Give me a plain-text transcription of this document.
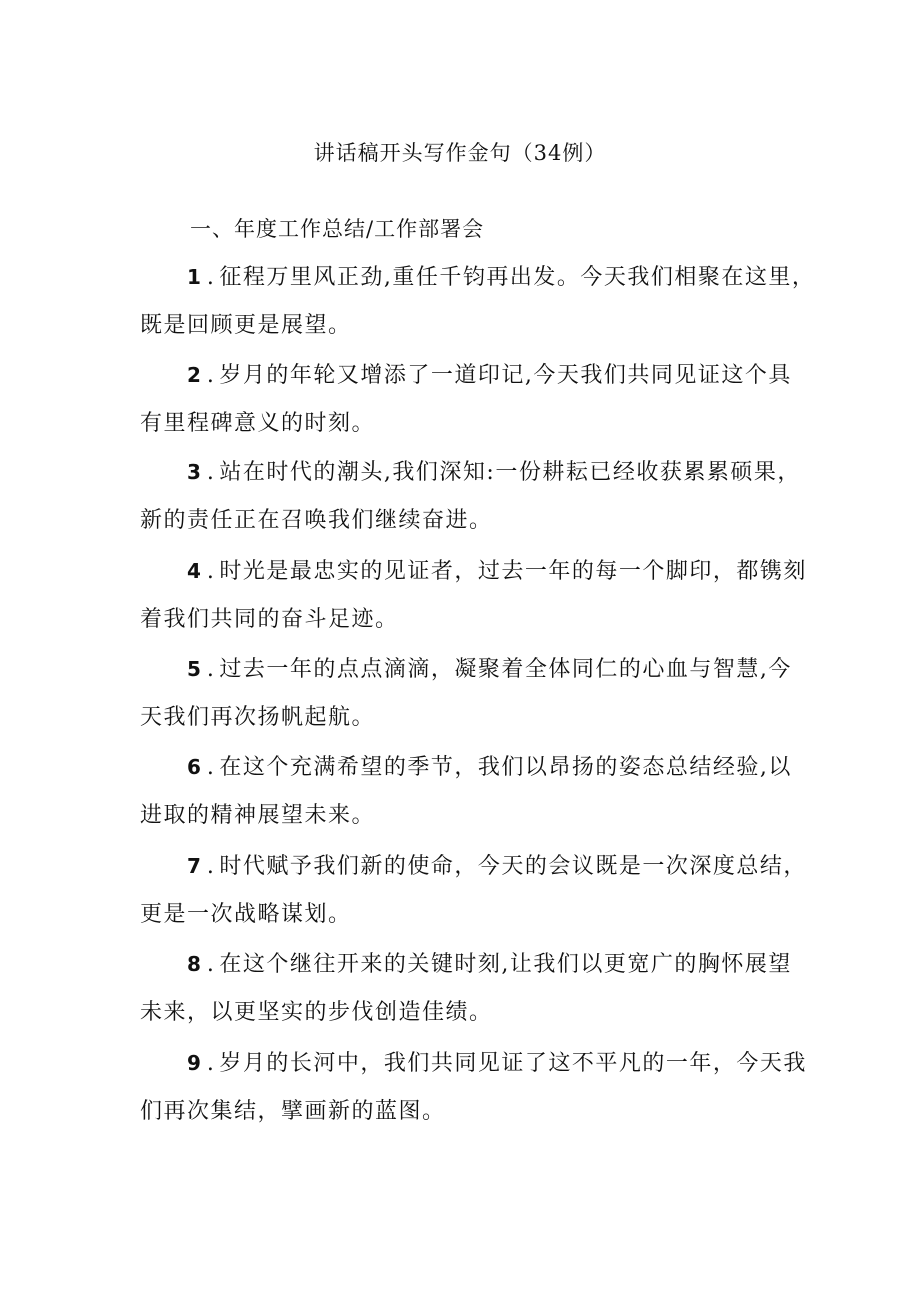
讲话稿开头写作金句（34例）
一、年度工作总结/工作部署会
1 . 征程万里风正劲,重任千钧再出发。今天我们相聚在这里，
既是回顾更是展望。
2 . 岁月的年轮又增添了一道印记,今天我们共同见证这个具
有里程碑意义的时刻。
3 . 站在时代的潮头,我们深知:一份耕耘已经收获累累硕果，
新的责任正在召唤我们继续奋进。
4 . 时光是最忠实的见证者，过去一年的每一个脚印，都镌刻
着我们共同的奋斗足迹。
5 . 过去一年的点点滴滴，凝聚着全体同仁的心血与智慧,今
天我们再次扬帆起航。
6 . 在这个充满希望的季节，我们以昂扬的姿态总结经验,以
进取的精神展望未来。
7 . 时代赋予我们新的使命，今天的会议既是一次深度总结，
更是一次战略谋划。
8 . 在这个继往开来的关键时刻,让我们以更宽广的胸怀展望
未来，以更坚实的步伐创造佳绩。
9 . 岁月的长河中，我们共同见证了这不平凡的一年，今天我
们再次集结，擘画新的蓝图。
